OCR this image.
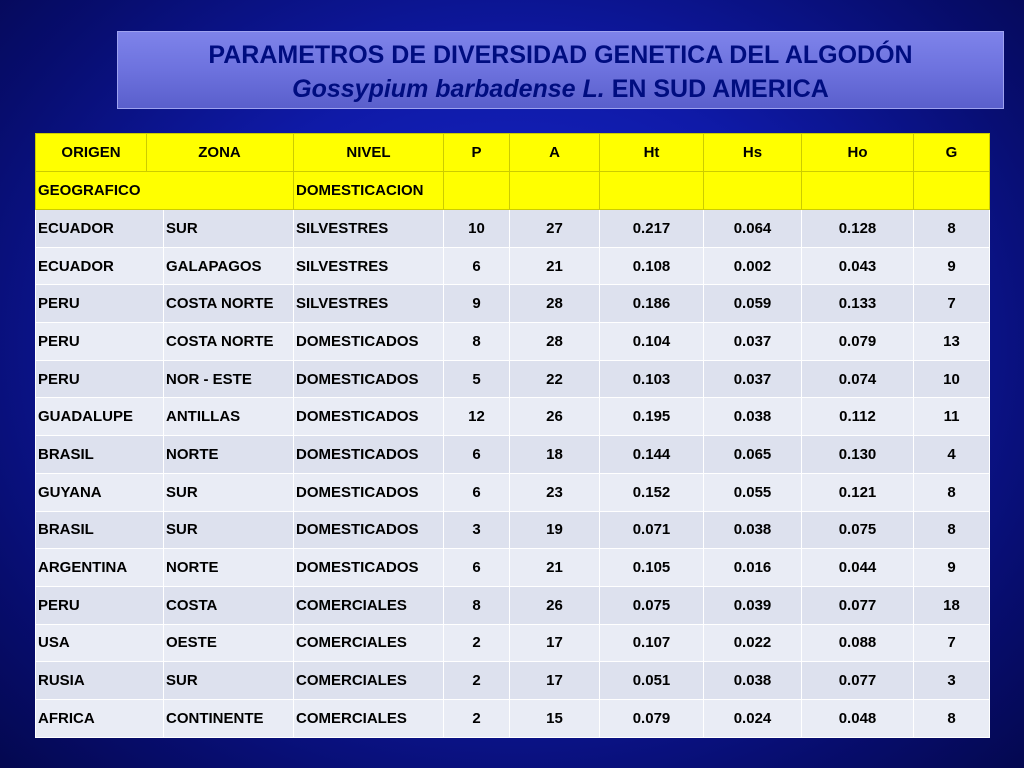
PARAMETROS DE DIVERSIDAD GENETICA DEL ALGODÓN
Gossypium barbadense L. EN SUD AMERICA
ORIGEN ZONA		NIVEL	P	A	Ht	Hs	Ho	G
GEOGRAFICO		DOMESTICACION						
ECUADOR	SUR	SILVESTRES	10	27	0.217	0.064	0.128	8
ECUADOR	GALAPAGOS	SILVESTRES	6	21	0.108	0.002	0.043	9
PERU	COSTA NORTE	SILVESTRES	9	28	0.186	0.059	0.133	7
PERU	COSTA NORTE	DOMESTICADOS	8	28	0.104	0.037	0.079	13
PERU	NOR - ESTE	DOMESTICADOS	5	22	0.103	0.037	0.074	10
GUADALUPE	ANTILLAS	DOMESTICADOS	12	26	0.195	0.038	0.112	11
BRASIL	NORTE	DOMESTICADOS	6	18	0.144	0.065	0.130	4
GUYANA	SUR	DOMESTICADOS	6	23	0.152	0.055	0.121	8
BRASIL	SUR	DOMESTICADOS	3	19	0.071	0.038	0.075	8
ARGENTINA	NORTE	DOMESTICADOS	6	21	0.105	0.016	0.044	9
PERU	COSTA	COMERCIALES	8	26	0.075	0.039	0.077	18
USA	OESTE	COMERCIALES	2	17	0.107	0.022	0.088	7
RUSIA	SUR	COMERCIALES	2	17	0.051	0.038	0.077	3
AFRICA	CONTINENTE	COMERCIALES	2	15	0.079	0.024	0.048	8
